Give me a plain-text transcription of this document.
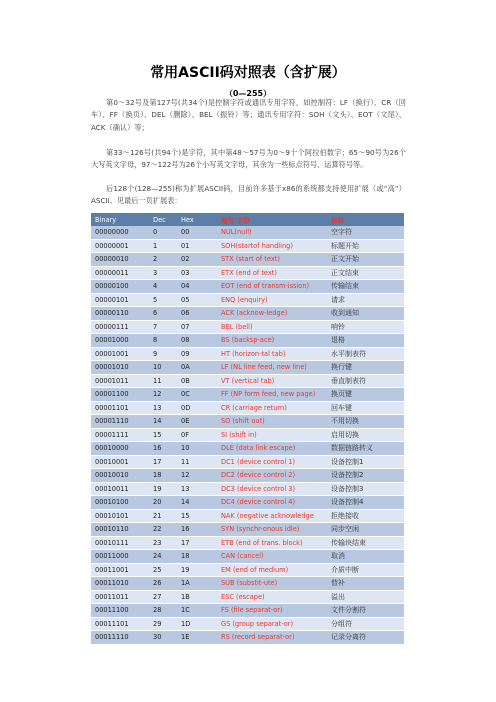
常用ASCII码对照表（含扩展）
（0—255）
第0～32号及第127号(共34个)是控制字符或通讯专用字符，如控制符：LF（换行）、CR（回车）、FF（换页）、DEL（删除）、BEL（振铃）等；通讯专用字符：SOH（文头）、EOT（文尾）、ACK（确认）等；
第33～126号(共94个)是字符，其中第48～57号为0～9十个阿拉伯数字；65～90号为26个大写英文字母，97～122号为26个小写英文字母，其余为一些标点符号、运算符号等。
后128个(128—255)称为扩展ASCII码，目前许多基于x86的系统都支持使用扩展（或“高”）ASCII。见最后一页扩展表：
Binary	Dec	Hex	缩写/字符	解释
00000000	0	00	NUL(null)	空字符
00000001	1	01	SOH(startof handling)	标题开始
00000010	2	02	STX (start of text)	正文开始
00000011	3	03	ETX (end of text)	正文结束
00000100	4	04	EOT (end of transm-ission)	传输结束
00000101	5	05	ENQ (enquiry)	请求
00000110	6	06	ACK (acknow-ledge)	收到通知
00000111	7	07	BEL (bell)	响铃
00001000	8	08	BS (backsp-ace)	退格
00001001	9	09	HT (horizon-tal tab)	水平制表符
00001010	10	0A	LF (NL line feed, new line)	换行键
00001011	11	0B	VT (vertical tab)	垂直制表符
00001100	12	0C	FF (NP form feed, new page)	换页键
00001101	13	0D	CR (carriage return)	回车键
00001110	14	0E	SO (shift out)	不用切换
00001111	15	0F	SI (shift in)	启用切换
00010000	16	10	DLE (data link escape)	数据链路转义
00010001	17	11	DC1 (device control 1)	设备控制1
00010010	18	12	DC2 (device control 2)	设备控制2
00010011	19	13	DC3 (device control 3)	设备控制3
00010100	20	14	DC4 (device control 4)	设备控制4
00010101	21	15	NAK (negative acknowledge	拒绝接收
00010110	22	16	SYN (synchr-onous idle)	同步空闲
00010111	23	17	ETB (end of trans. block)	传输块结束
00011000	24	18	CAN (cancel)	取消
00011001	25	19	EM (end of medium)	介质中断
00011010	26	1A	SUB (substit-ute)	替补
00011011	27	1B	ESC (escape)	溢出
00011100	28	1C	FS (file separat-or)	文件分割符
00011101	29	1D	GS (group separat-or)	分组符
00011110	30	1E	RS (record separat-or)	记录分离符
